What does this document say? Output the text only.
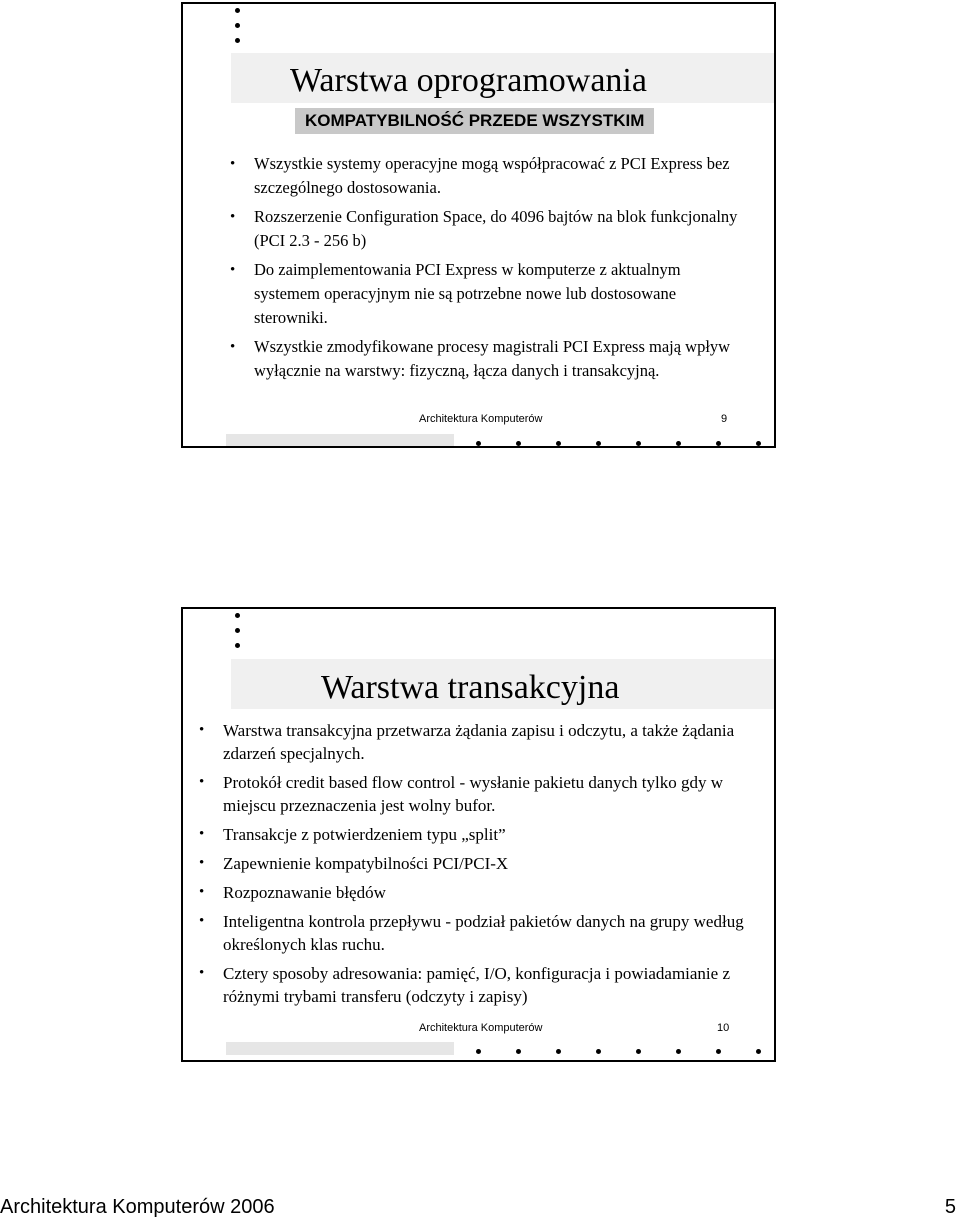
Warstwa oprogramowania
KOMPATYBILNOŚĆ PRZEDE WSZYSTKIM
• Wszystkie systemy operacyjne mogą współpracować z PCI Express bez szczególnego dostosowania.
• Rozszerzenie Configuration Space, do 4096 bajtów na blok funkcjonalny (PCI 2.3 - 256 b)
• Do zaimplementowania PCI Express w komputerze z aktualnym systemem operacyjnym nie są potrzebne nowe lub dostosowane sterowniki.
• Wszystkie zmodyfikowane procesy magistrali PCI Express mają wpływ wyłącznie na warstwy: fizyczną, łącza danych i transakcyjną.
Architektura Komputerów	9
Warstwa transakcyjna
• Warstwa transakcyjna przetwarza żądania zapisu i odczytu, a także żądania zdarzeń specjalnych.
• Protokół credit based flow control - wysłanie pakietu danych tylko gdy w miejscu przeznaczenia jest wolny bufor.
• Transakcje z potwierdzeniem typu „split”
• Zapewnienie kompatybilności PCI/PCI-X
• Rozpoznawanie błędów
• Inteligentna kontrola przepływu - podział pakietów danych na grupy według określonych klas ruchu.
• Cztery sposoby adresowania: pamięć, I/O, konfiguracja i powiadamianie z różnymi trybami transferu (odczyty i zapisy)
Architektura Komputerów	10
Architektura Komputerów 2006	5
